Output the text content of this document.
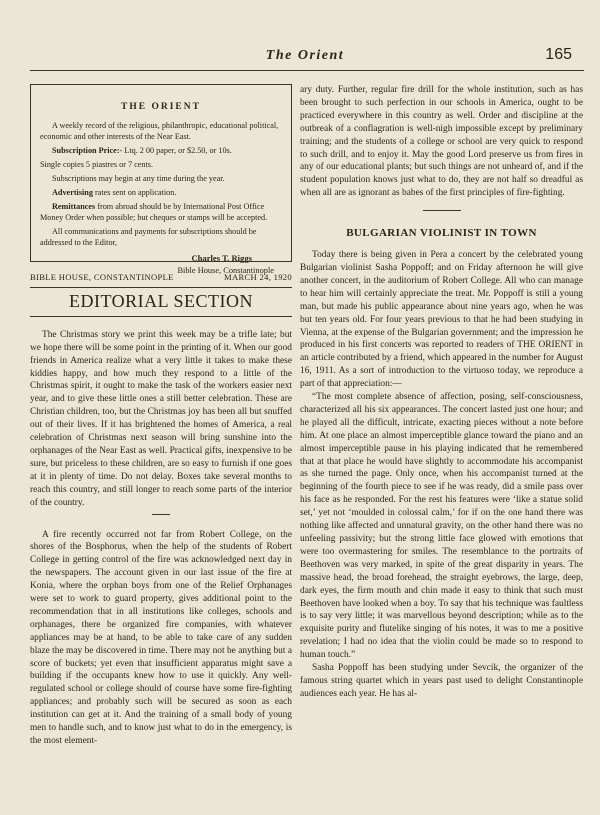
The Orient	165
THE ORIENT

A weekly record of the religious, philanthropic, educational political, economic and other interests of the Near East.

Subscription Price:- Ltq. 2 00 paper, or $2.50, or 10s.

Single copies 5 piastres or 7 cents.

Subscriptions may begin at any time during the year.

Advertising rates sent on application.

Remittances from abroad should be by International Post Office Money Order when possible; but cheques or stamps will be accepted.

All communications and payments for subscriptions should be addressed to the Editor,

Charles T. Riggs
Bible House, Constantinople
BIBLE HOUSE, CONSTANTINOPLE	MARCH 24, 1920
EDITORIAL SECTION

The Christmas story we print this week may be a trifle late; but we hope there will be some point in the printing of it. When our good friends in America realize what a very little it takes to make these kiddies happy, and how much they respond to a little of the Christmas spirit, it ought to make the task of the workers easier next year, and to give these little ones a still better celebration. These are Christian children, too, but the Christmas joy has been all but snuffed out of their lives. If it has brightened the homes of America, a real celebration of Christmas next season will bring sunshine into the orphanages of the Near East as well. Practical gifts, inexpensive to be sure, but priceless to these children, are so easy to furnish if one goes at it in plenty of time. Do not delay. Boxes take several months to reach this country, and still longer to reach some parts of the interior of the country.

A fire recently occurred not far from Robert College, on the shores of the Bosphorus, when the help of the students of Robert College in getting control of the fire was acknowledged next day in the newspapers. The account given in our last issue of the fire at Konia, where the orphan boys from one of the Relief Orphanages were set to work to guard property, gives additional point to the recommendation that in all institutions like colleges, schools and orphanages, there be organized fire companies, with whatever appliances may be at hand, to be able to take care of any sudden blaze the may be discovered in time. There may not be anything but a score of buckets; yet even that insufficient apparatus might save a building if the occupants knew how to use it quickly. Any well-regulated school or college should of course have some fire-fighting appliances; and probably such will be secured as soon as each institution can get at it. And the training of a small body of young men to handle such, and to know just what to do in the emergency, is the most element-

ary duty. Further, regular fire drill for the whole institution, such as has been brought to such perfection in our schools in America, ought to be practiced everywhere in this country as well. Order and discipline at the outbreak of a conflagration is well-nigh impossible except by preliminary training; and the students of a college or school are very quick to respond to such drill, and to enjoy it. May the good Lord preserve us from fires in any of our educational plants; but such things are not unheard of, and if the student population knows just what to do, they are not half so dreadful as when all are as ignorant as babes of the first principles of fire-fighting.

BULGARIAN VIOLINIST IN TOWN

Today there is being given in Pera a concert by the celebrated young Bulgarian violinist Sasha Poppoff; and on Friday afternoon he will give another concert, in the auditorium of Robert College. All who can manage to hear him will certainly appreciate the treat. Mr. Poppoff is still a young man, but made his public appearance about nine years ago, when he was but ten years old. For four years previous to that he had been studying in Vienna, at the expense of the Bulgarian government; and the impression he produced in his first concerts was reported to readers of THE ORIENT in an article contributed by a friend, which appeared in the number for August 16, 1911. As a sort of introduction to the virtuoso today, we reproduce a part of that appreciation:—

“The most complete absence of affection, posing, self-consciousness, characterized all his six appearances. The concert lasted just one hour; and he played all the difficult, intricate, exacting pieces without a note before him. At one place an almost imperceptible glance toward the piano and an almost imperceptible pause in his playing indicated that he remembered that at that place he would have slightly to accommodate his accompanist as she turned the page. Only once, when his accompanist turned at the beginning of the fourth piece to see if he was ready, did a smile pass over his face as he responded. For the rest his features were ‘like a statue solid set,’ yet not ‘moulded in colossal calm,’ for if on the one hand there was nothing like affected and unnatural gravity, on the other hand there was no unfeeling passivity; but the strong little face glowed with emotions that were too overmastering for smiles. The resemblance to the portraits of Beethoven was very marked, in spite of the great disparity in years. The massive head, the broad forehead, the straight eyebrows, the large, deep, dark eyes, the firm mouth and chin made it easy to think that such must Beethoven have looked when a boy. To say that his technique was faultless is to say very little; it was marvellous beyond description; while as to the exquisite purity and flutelike singing of his notes, it was to me a positive revelation; I had no idea that the violin could be made so to respond to human touch.”

Sasha Poppoff has been studying under Sevcik, the organizer of the famous string quartet which in years past used to delight Constantinople audiences each year. He has al-
